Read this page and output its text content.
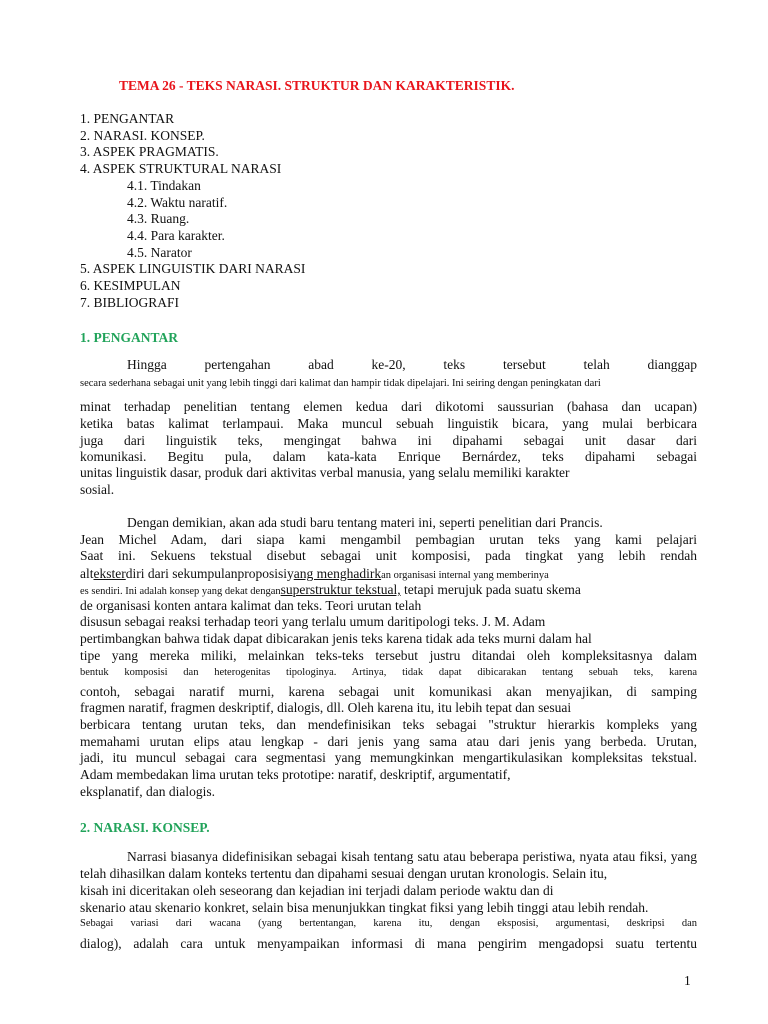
TEMA 26 - TEKS NARASI. STRUKTUR DAN KARAKTERISTIK.
1. PENGANTAR
2. NARASI. KONSEP.
3. ASPEK PRAGMATIS.
4. ASPEK STRUKTURAL NARASI
4.1. Tindakan
4.2. Waktu naratif.
4.3. Ruang.
4.4. Para karakter.
4.5. Narator
5. ASPEK LINGUISTIK DARI NARASI
6. KESIMPULAN
7. BIBLIOGRAFI
1. PENGANTAR
Hingga pertengahan abad ke-20, teks tersebut telah dianggap
secara sederhana sebagai unit yang lebih tinggi dari kalimat dan hampir tidak dipelajari. Ini seiring dengan peningkatan dari
minat terhadap penelitian tentang elemen kedua dari dikotomi saussurian (bahasa dan ucapan)
ketika batas kalimat terlampaui. Maka muncul sebuah linguistik bicara, yang mulai berbicara
juga dari linguistik teks, mengingat bahwa ini dipahami sebagai unit dasar dari
komunikasi. Begitu pula, dalam kata-kata Enrique Bernárdez, teks dipahami sebagai
unitas linguistik dasar, produk dari aktivitas verbal manusia, yang selalu memiliki karakter
sosial.
Dengan demikian, akan ada studi baru tentang materi ini, seperti penelitian dari Prancis.
Jean Michel Adam, dari siapa kami mengambil pembagian urutan teks yang kami pelajari
Saat ini. Sekuens tekstual disebut sebagai unit komposisi, pada tingkat yang lebih rendah
alteksterdiri dari sekumpulanproposisiyang menghadirkan organisasi internal yang memberinya
es sendiri. Ini adalah konsep yang dekat dengansuperstruktur tekstual, tetapi merujuk pada suatu skema
de organisasi konten antara kalimat dan teks. Teori urutan telah
disusun sebagai reaksi terhadap teori yang terlalu umum daritipologi teks. J. M. Adam
pertimbangkan bahwa tidak dapat dibicarakan jenis teks karena tidak ada teks murni dalam hal
tipe yang mereka miliki, melainkan teks-teks tersebut justru ditandai oleh kompleksitasnya dalam
bentuk komposisi dan heterogenitas tipologinya. Artinya, tidak dapat dibicarakan tentang sebuah teks, karena
contoh, sebagai naratif murni, karena sebagai unit komunikasi akan menyajikan, di samping
fragmen naratif, fragmen deskriptif, dialogis, dll. Oleh karena itu, itu lebih tepat dan sesuai
berbicara tentang urutan teks, dan mendefinisikan teks sebagai "struktur hierarkis kompleks yang
memahami urutan elips atau lengkap - dari jenis yang sama atau dari jenis yang berbeda. Urutan,
jadi, itu muncul sebagai cara segmentasi yang memungkinkan mengartikulasikan kompleksitas tekstual.
Adam membedakan lima urutan teks prototipe: naratif, deskriptif, argumentatif,
eksplanatif, dan dialogis.
2. NARASI. KONSEP.
Narrasi biasanya didefinisikan sebagai kisah tentang satu atau beberapa peristiwa, nyata atau fiksi, yang
telah dihasilkan dalam konteks tertentu dan dipahami sesuai dengan urutan kronologis. Selain itu,
kisah ini diceritakan oleh seseorang dan kejadian ini terjadi dalam periode waktu dan di
skenario atau skenario konkret, selain bisa menunjukkan tingkat fiksi yang lebih tinggi atau lebih rendah.
Sebagai variasi dari wacana (yang bertentangan, karena itu, dengan eksposisi, argumentasi, deskripsi dan
dialog), adalah cara untuk menyampaikan informasi di mana pengirim mengadopsi suatu tertentu
1
